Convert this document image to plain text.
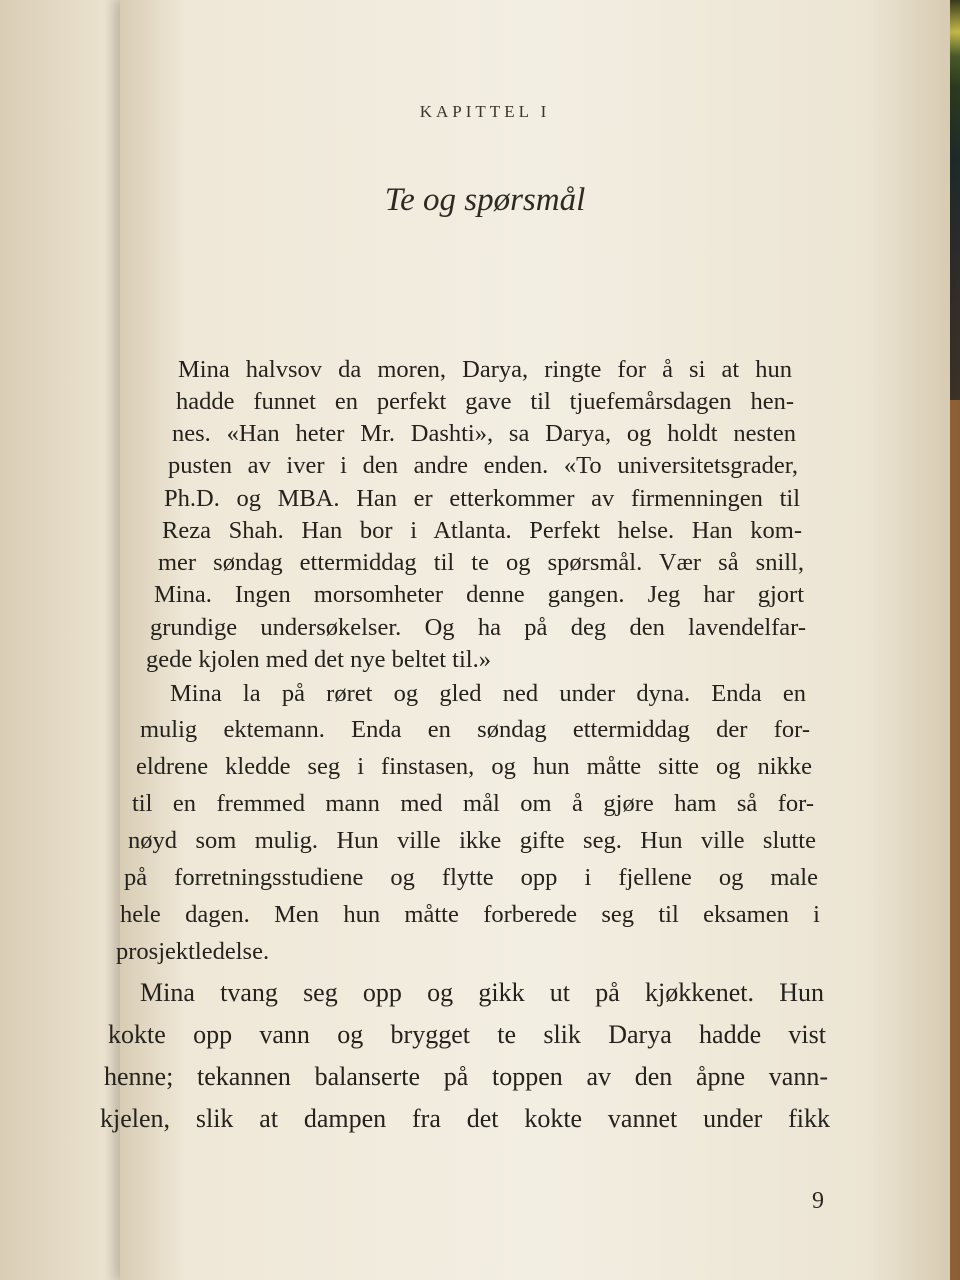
KAPITTEL I
Te og spørsmål
Mina halvsov da moren, Darya, ringte for å si at hun
hadde funnet en perfekt gave til tjuefemårsdagen hen-
nes. «Han heter Mr. Dashti», sa Darya, og holdt nesten
pusten av iver i den andre enden. «To universitetsgrader,
Ph.D. og MBA. Han er etterkommer av firmenningen til
Reza Shah. Han bor i Atlanta. Perfekt helse. Han kom-
mer søndag ettermiddag til te og spørsmål. Vær så snill,
Mina. Ingen morsomheter denne gangen. Jeg har gjort
grundige undersøkelser. Og ha på deg den lavendelfar-
gede kjolen med det nye beltet til.»
Mina la på røret og gled ned under dyna. Enda en
mulig ektemann. Enda en søndag ettermiddag der for-
eldrene kledde seg i finstasen, og hun måtte sitte og nikke
til en fremmed mann med mål om å gjøre ham så for-
nøyd som mulig. Hun ville ikke gifte seg. Hun ville slutte
på forretningsstudiene og flytte opp i fjellene og male
hele dagen. Men hun måtte forberede seg til eksamen i
prosjektledelse.
Mina tvang seg opp og gikk ut på kjøkkenet. Hun
kokte opp vann og brygget te slik Darya hadde vist
henne; tekannen balanserte på toppen av den åpne vann-
kjelen, slik at dampen fra det kokte vannet under fikk
9
